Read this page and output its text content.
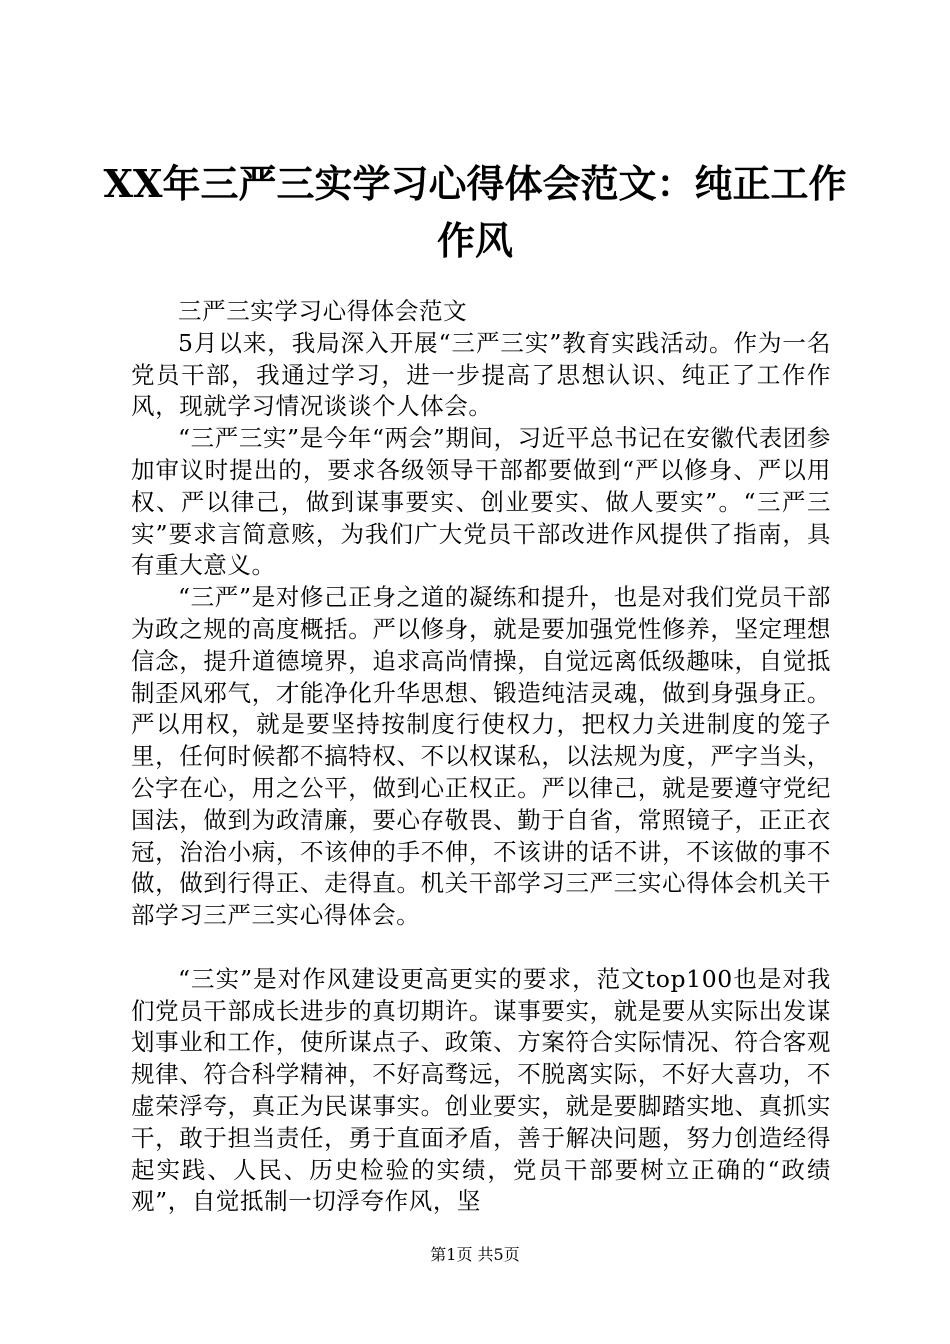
XX年三严三实学习心得体会范文：纯正工作
作风

三严三实学习心得体会范文

5月以来，我局深入开展“三严三实”教育实践活动。作为一名党员干部，我通过学习，进一步提高了思想认识、纯正了工作作风，现就学习情况谈谈个人体会。

“三严三实”是今年“两会”期间，习近平总书记在安徽代表团参加审议时提出的，要求各级领导干部都要做到“严以修身、严以用权、严以律己，做到谋事要实、创业要实、做人要实”。“三严三实”要求言简意赅，为我们广大党员干部改进作风提供了指南，具有重大意义。

“三严”是对修己正身之道的凝练和提升，也是对我们党员干部为政之规的高度概括。严以修身，就是要加强党性修养，坚定理想信念，提升道德境界，追求高尚情操，自觉远离低级趣味，自觉抵制歪风邪气，才能净化升华思想、锻造纯洁灵魂，做到身强身正。严以用权，就是要坚持按制度行使权力，把权力关进制度的笼子里，任何时候都不搞特权、不以权谋私，以法规为度，严字当头，公字在心，用之公平，做到心正权正。严以律己，就是要遵守党纪国法，做到为政清廉，要心存敬畏、勤于自省，常照镜子，正正衣冠，治治小病，不该伸的手不伸，不该讲的话不讲，不该做的事不做，做到行得正、走得直。机关干部学习三严三实心得体会机关干部学习三严三实心得体会。

“三实”是对作风建设更高更实的要求，范文top100也是对我们党员干部成长进步的真切期许。谋事要实，就是要从实际出发谋划事业和工作，使所谋点子、政策、方案符合实际情况、符合客观规律、符合科学精神，不好高骛远，不脱离实际，不好大喜功，不虚荣浮夸，真正为民谋事实。创业要实，就是要脚踏实地、真抓实干，敢于担当责任，勇于直面矛盾，善于解决问题，努力创造经得起实践、人民、历史检验的实绩，党员干部要树立正确的“政绩观”，自觉抵制一切浮夸作风，坚

第1页 共5页
